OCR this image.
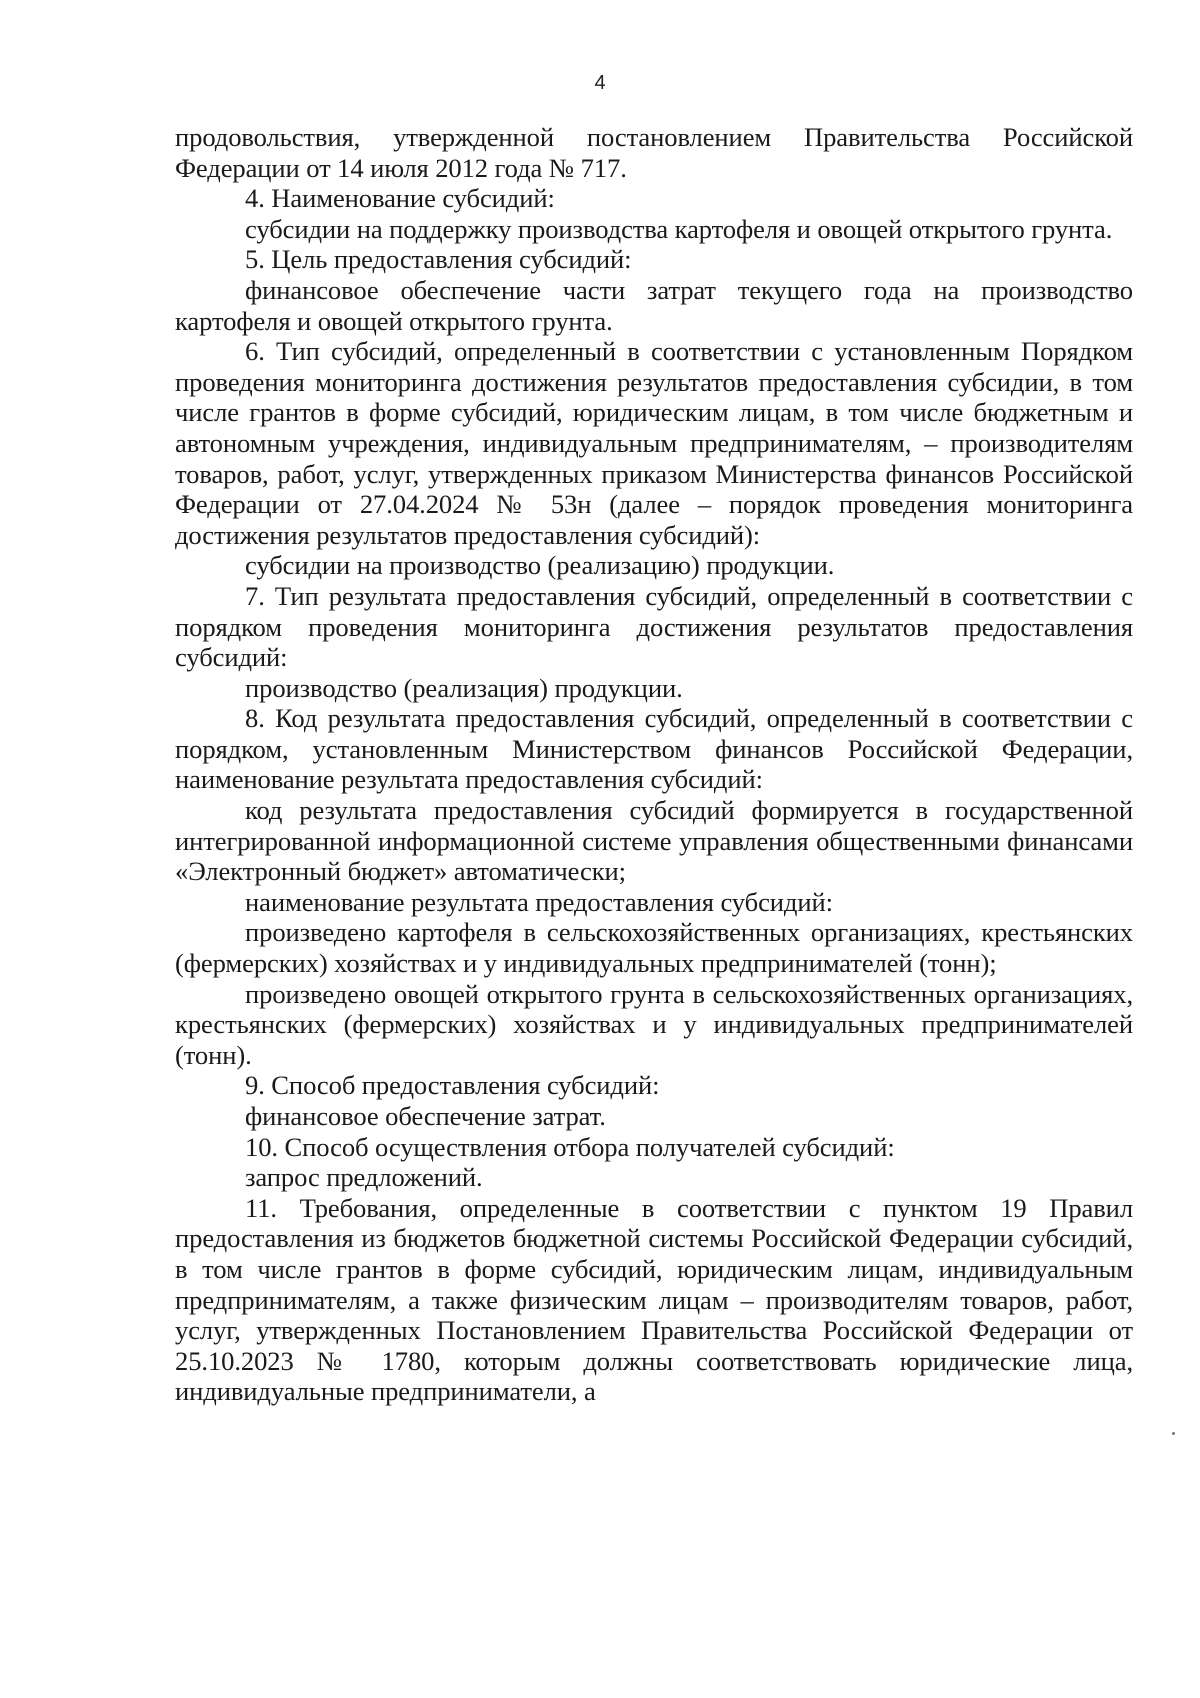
4

продовольствия, утвержденной постановлением Правительства Российской Федерации от 14 июля 2012 года № 717.

4. Наименование субсидий:

субсидии на поддержку производства картофеля и овощей открытого грунта.

5. Цель предоставления субсидий:

финансовое обеспечение части затрат текущего года на производство картофеля и овощей открытого грунта.

6. Тип субсидий, определенный в соответствии с установленным Порядком проведения мониторинга достижения результатов предоставления субсидии, в том числе грантов в форме субсидий, юридическим лицам, в том числе бюджетным и автономным учреждения, индивидуальным предпринимателям, – производителям товаров, работ, услуг, утвержденных приказом Министерства финансов Российской Федерации от 27.04.2024 № 53н (далее – порядок проведения мониторинга достижения результатов предоставления субсидий):

субсидии на производство (реализацию) продукции.

7. Тип результата предоставления субсидий, определенный в соответствии с порядком проведения мониторинга достижения результатов предоставления субсидий:

производство (реализация) продукции.

8. Код результата предоставления субсидий, определенный в соответствии с порядком, установленным Министерством финансов Российской Федерации, наименование результата предоставления субсидий:

код результата предоставления субсидий формируется в государственной интегрированной информационной системе управления общественными финансами «Электронный бюджет» автоматически;

наименование результата предоставления субсидий:

произведено картофеля в сельскохозяйственных организациях, крестьянских (фермерских) хозяйствах и у индивидуальных предпринимателей (тонн);

произведено овощей открытого грунта в сельскохозяйственных организациях, крестьянских (фермерских) хозяйствах и у индивидуальных предпринимателей (тонн).

9. Способ предоставления субсидий:

финансовое обеспечение затрат.

10. Способ осуществления отбора получателей субсидий:

запрос предложений.

11. Требования, определенные в соответствии с пунктом 19 Правил предоставления из бюджетов бюджетной системы Российской Федерации субсидий, в том числе грантов в форме субсидий, юридическим лицам, индивидуальным предпринимателям, а также физическим лицам – производителям товаров, работ, услуг, утвержденных Постановлением Правительства Российской Федерации от 25.10.2023 № 1780, которым должны соответствовать юридические лица, индивидуальные предприниматели, а
